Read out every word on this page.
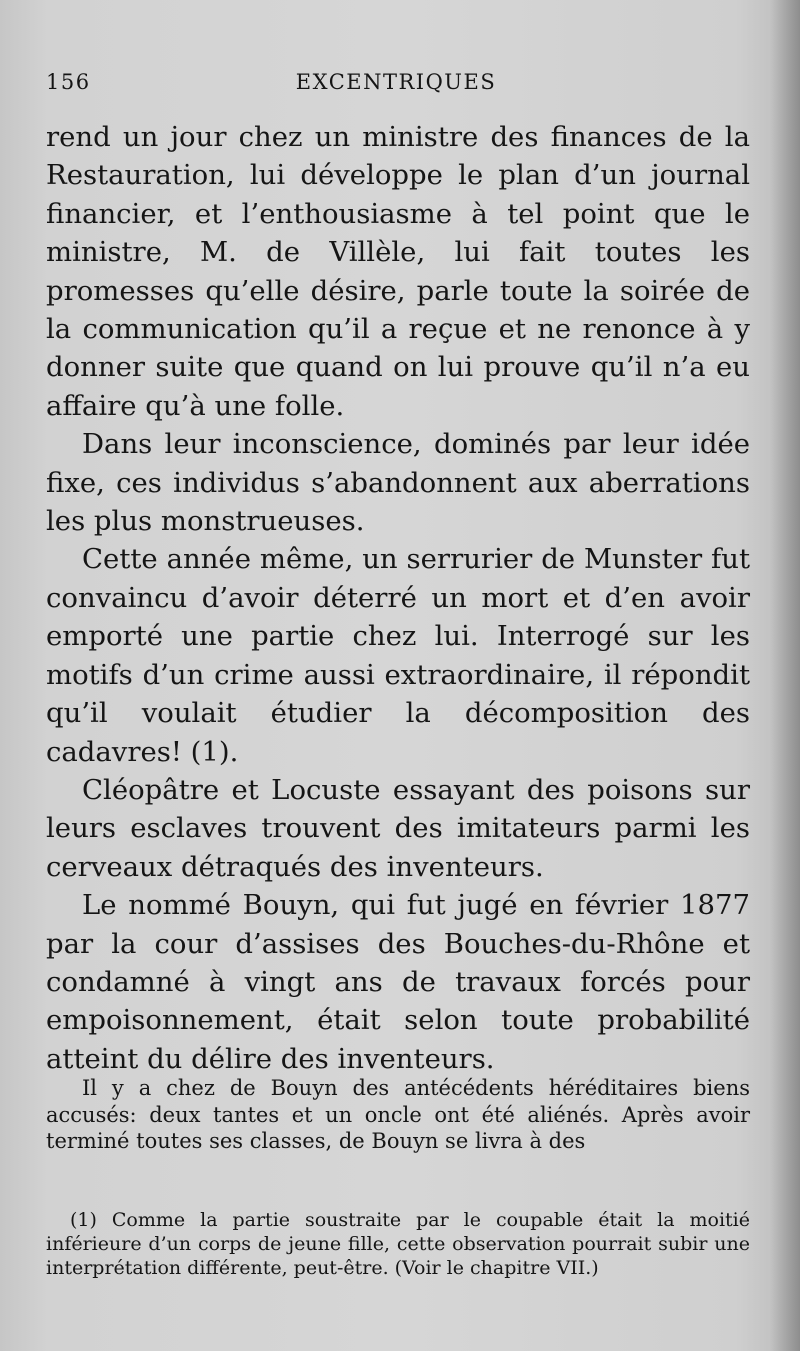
156	EXCENTRIQUES

rend un jour chez un ministre des finances de la Restauration, lui développe le plan d’un journal financier, et l’enthousiasme à tel point que le ministre, M. de Villèle, lui fait toutes les promesses qu’elle désire, parle toute la soirée de la communication qu’il a reçue et ne renonce à y donner suite que quand on lui prouve qu’il n’a eu affaire qu’à une folle.

Dans leur inconscience, dominés par leur idée fixe, ces individus s’abandonnent aux aberrations les plus monstrueuses.

Cette année même, un serrurier de Munster fut convaincu d’avoir déterré un mort et d’en avoir emporté une partie chez lui. Interrogé sur les motifs d’un crime aussi extraordinaire, il répondit qu’il voulait étudier la décomposition des cadavres! (1).

Cléopâtre et Locuste essayant des poisons sur leurs esclaves trouvent des imitateurs parmi les cerveaux détraqués des inventeurs.

Le nommé Bouyn, qui fut jugé en février 1877 par la cour d’assises des Bouches-du-Rhône et condamné à vingt ans de travaux forcés pour empoisonnement, était selon toute probabilité atteint du délire des inventeurs.

Il y a chez de Bouyn des antécédents héréditaires biens accusés: deux tantes et un oncle ont été aliénés. Après avoir terminé toutes ses classes, de Bouyn se livra à des

(1) Comme la partie soustraite par le coupable était la moitié inférieure d’un corps de jeune fille, cette observation pourrait subir une interprétation différente, peut-être. (Voir le chapitre VII.)
